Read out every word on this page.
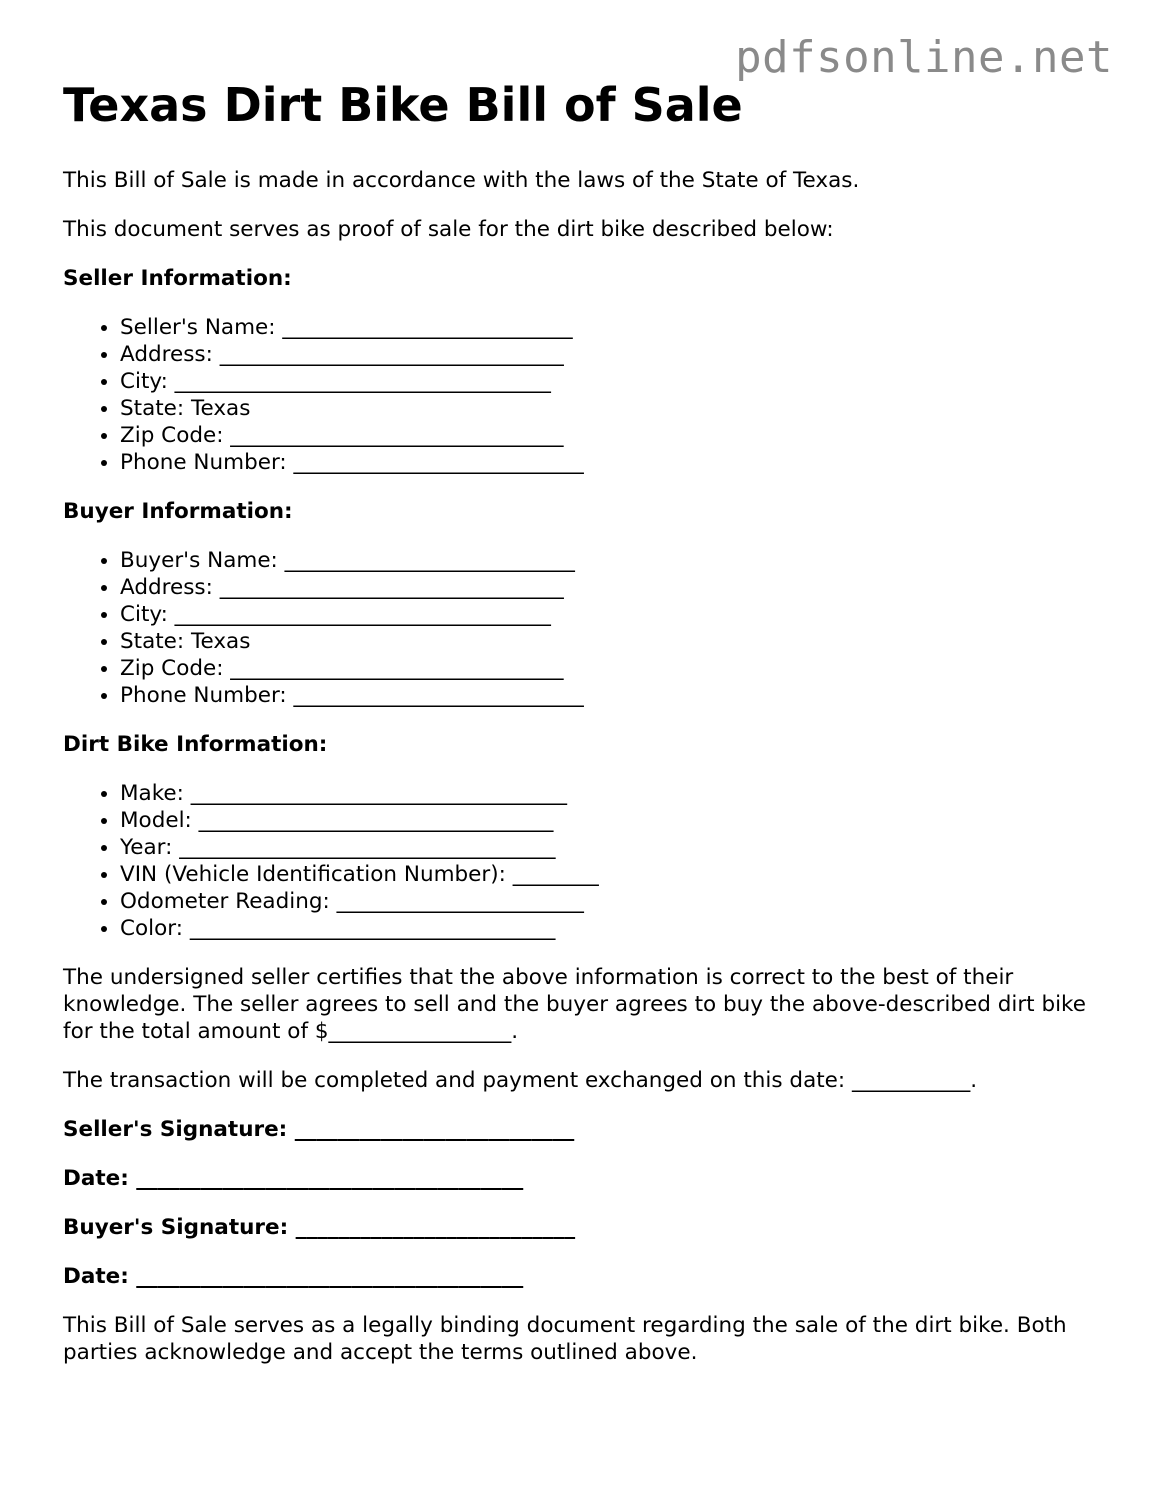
pdfsonline.net
Texas Dirt Bike Bill of Sale

This Bill of Sale is made in accordance with the laws of the State of Texas.

This document serves as proof of sale for the dirt bike described below:

Seller Information:

• Seller's Name: ___________________________
• Address: ________________________________
• City: ___________________________________
• State: Texas
• Zip Code: _______________________________
• Phone Number: ___________________________

Buyer Information:

• Buyer's Name: ___________________________
• Address: ________________________________
• City: ___________________________________
• State: Texas
• Zip Code: _______________________________
• Phone Number: ___________________________

Dirt Bike Information:

• Make: ___________________________________
• Model: _________________________________
• Year: ___________________________________
• VIN (Vehicle Identification Number): ________
• Odometer Reading: _______________________
• Color: __________________________________

The undersigned seller certifies that the above information is correct to the best of their knowledge. The seller agrees to sell and the buyer agrees to buy the above-described dirt bike for the total amount of $_________________.

The transaction will be completed and payment exchanged on this date: ___________.

Seller's Signature: __________________________

Date: ____________________________________

Buyer's Signature: __________________________

Date: ____________________________________

This Bill of Sale serves as a legally binding document regarding the sale of the dirt bike. Both parties acknowledge and accept the terms outlined above.
